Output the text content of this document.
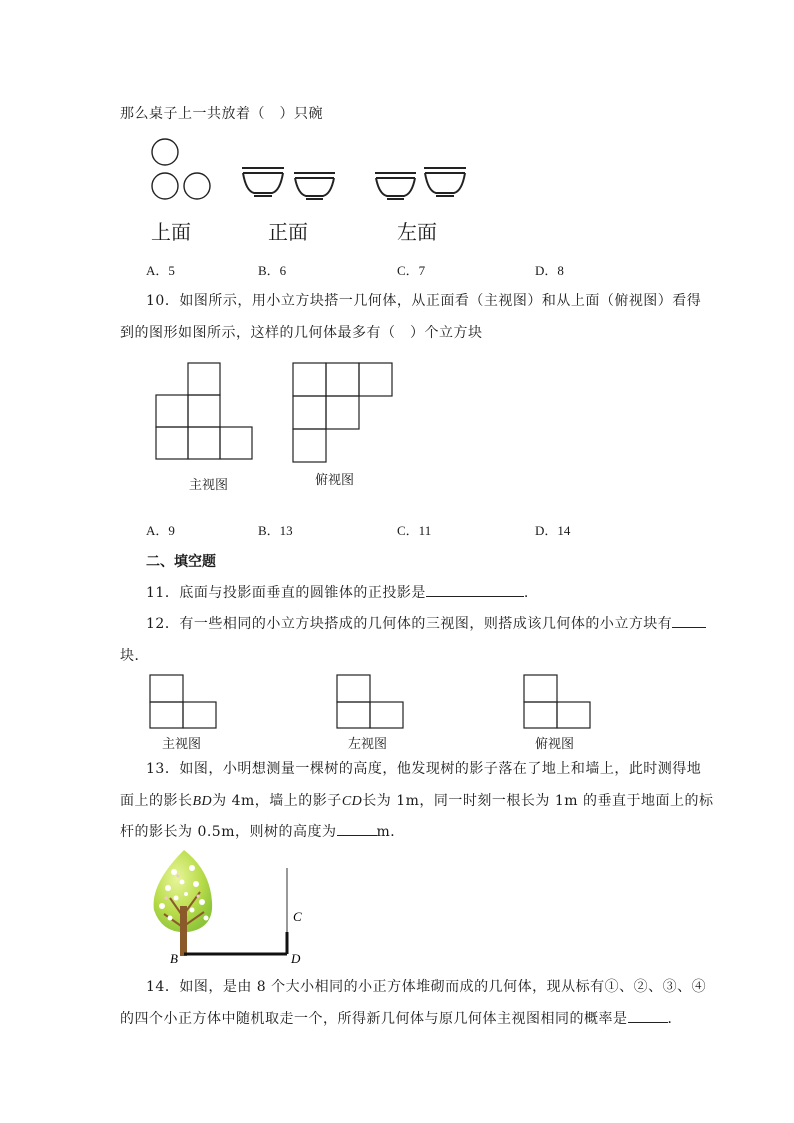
那么桌子上一共放着（　）只碗
上面	正面	左面
A．5	B．6	C．7	D．8
10．如图所示，用小立方块搭一几何体，从正面看（主视图）和从上面（俯视图）看得
到的图形如图所示，这样的几何体最多有（　）个立方块
主视图	俯视图
A．9	B．13	C．11	D．14
二、填空题
11．底面与投影面垂直的圆锥体的正投影是	.
12．有一些相同的小立方块搭成的几何体的三视图，则搭成该几何体的小立方块有
块．
主视图	左视图	俯视图
13．如图，小明想测量一棵树的高度，他发现树的影子落在了地上和墙上，此时测得地
面上的影长BD为 4m，墙上的影子CD长为 1m，同一时刻一根长为 1m 的垂直于地面上的标
杆的影长为 0.5m，则树的高度为	m．
B
C
D
14．如图，是由 8 个大小相同的小正方体堆砌而成的几何体，现从标有①、②、③、④
的四个小正方体中随机取走一个，所得新几何体与原几何体主视图相同的概率是	．
